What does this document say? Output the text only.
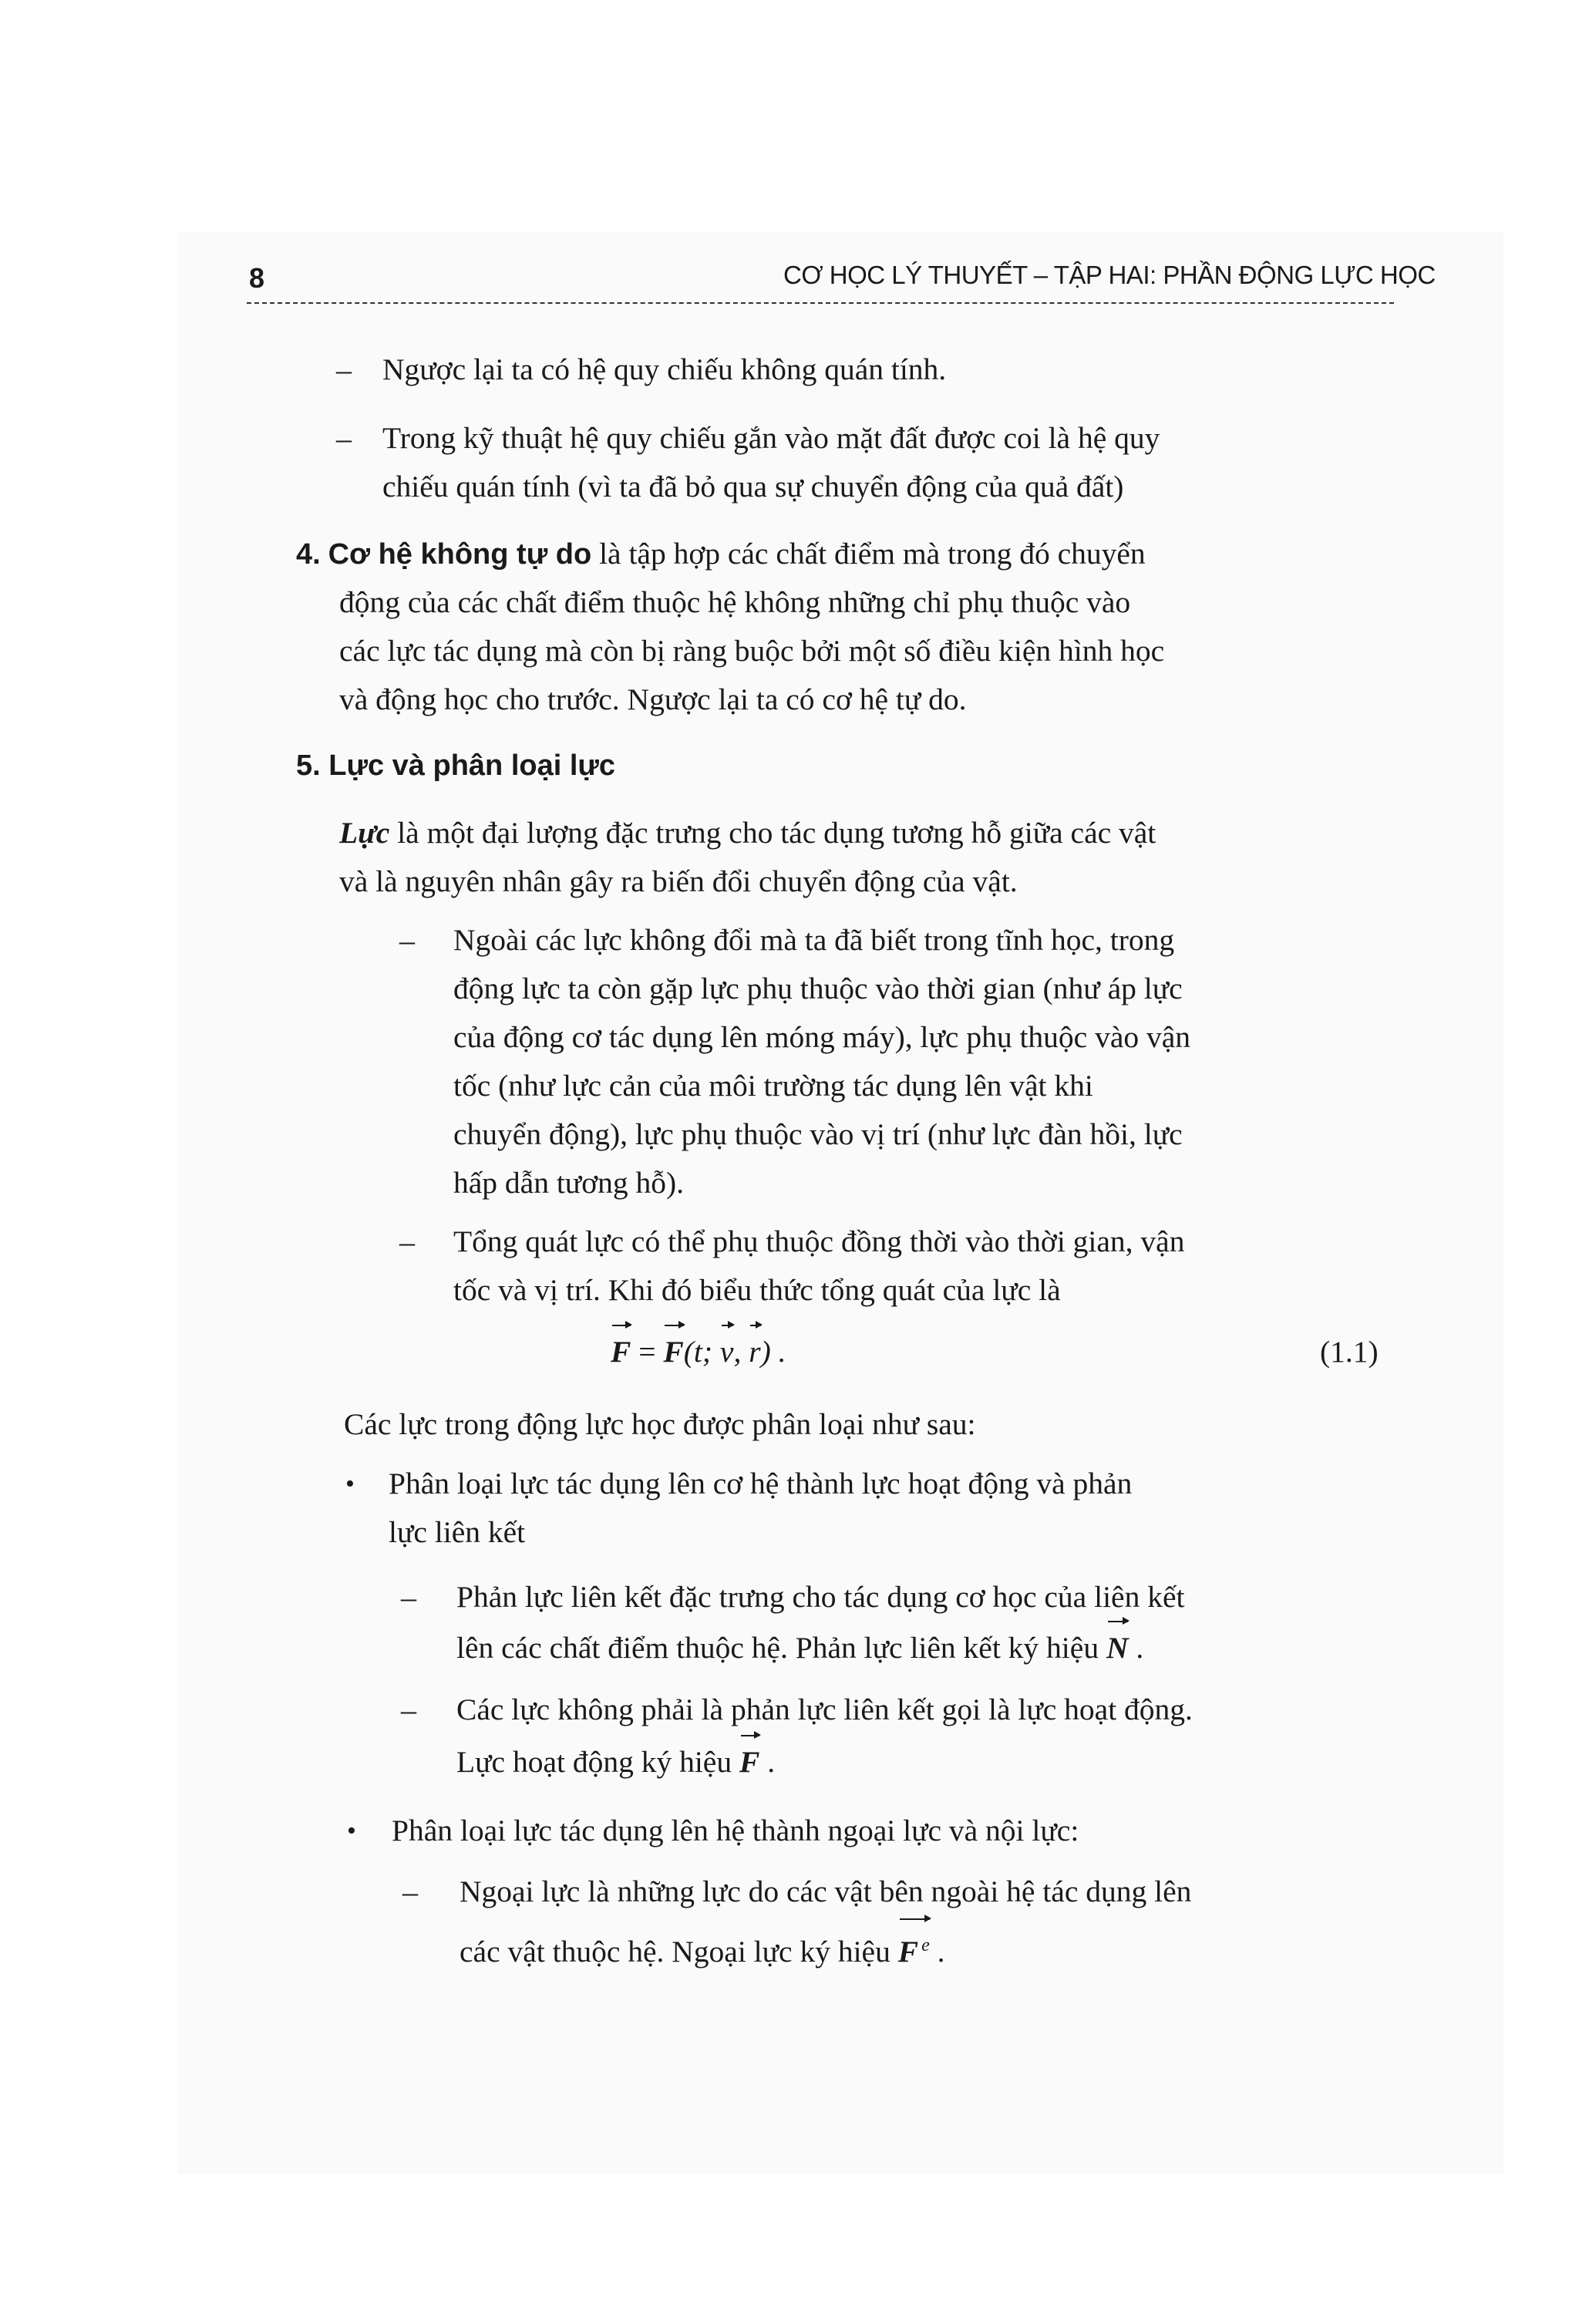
8	CƠ HỌC LÝ THUYẾT – TẬP HAI: PHẦN ĐỘNG LỰC HỌC
– Ngược lại ta có hệ quy chiếu không quán tính.
– Trong kỹ thuật hệ quy chiếu gắn vào mặt đất được coi là hệ quy
chiếu quán tính (vì ta đã bỏ qua sự chuyển động của quả đất)
4. Cơ hệ không tự do là tập hợp các chất điểm mà trong đó chuyển
động của các chất điểm thuộc hệ không những chỉ phụ thuộc vào
các lực tác dụng mà còn bị ràng buộc bởi một số điều kiện hình học
và động học cho trước. Ngược lại ta có cơ hệ tự do.
5. Lực và phân loại lực
Lực là một đại lượng đặc trưng cho tác dụng tương hỗ giữa các vật
và là nguyên nhân gây ra biến đổi chuyển động của vật.
– Ngoài các lực không đổi mà ta đã biết trong tĩnh học, trong
động lực ta còn gặp lực phụ thuộc vào thời gian (như áp lực
của động cơ tác dụng lên móng máy), lực phụ thuộc vào vận
tốc (như lực cản của môi trường tác dụng lên vật khi
chuyển động), lực phụ thuộc vào vị trí (như lực đàn hồi, lực
hấp dẫn tương hỗ).
– Tổng quát lực có thể phụ thuộc đồng thời vào thời gian, vận
tốc và vị trí. Khi đó biểu thức tổng quát của lực là
F = F(t; v, r) .	(1.1)
Các lực trong động lực học được phân loại như sau:
• Phân loại lực tác dụng lên cơ hệ thành lực hoạt động và phản
lực liên kết
– Phản lực liên kết đặc trưng cho tác dụng cơ học của liên kết
lên các chất điểm thuộc hệ. Phản lực liên kết ký hiệu N .
– Các lực không phải là phản lực liên kết gọi là lực hoạt động.
Lực hoạt động ký hiệu F .
• Phân loại lực tác dụng lên hệ thành ngoại lực và nội lực:
– Ngoại lực là những lực do các vật bên ngoài hệ tác dụng lên
các vật thuộc hệ. Ngoại lực ký hiệu F $^e$ .
